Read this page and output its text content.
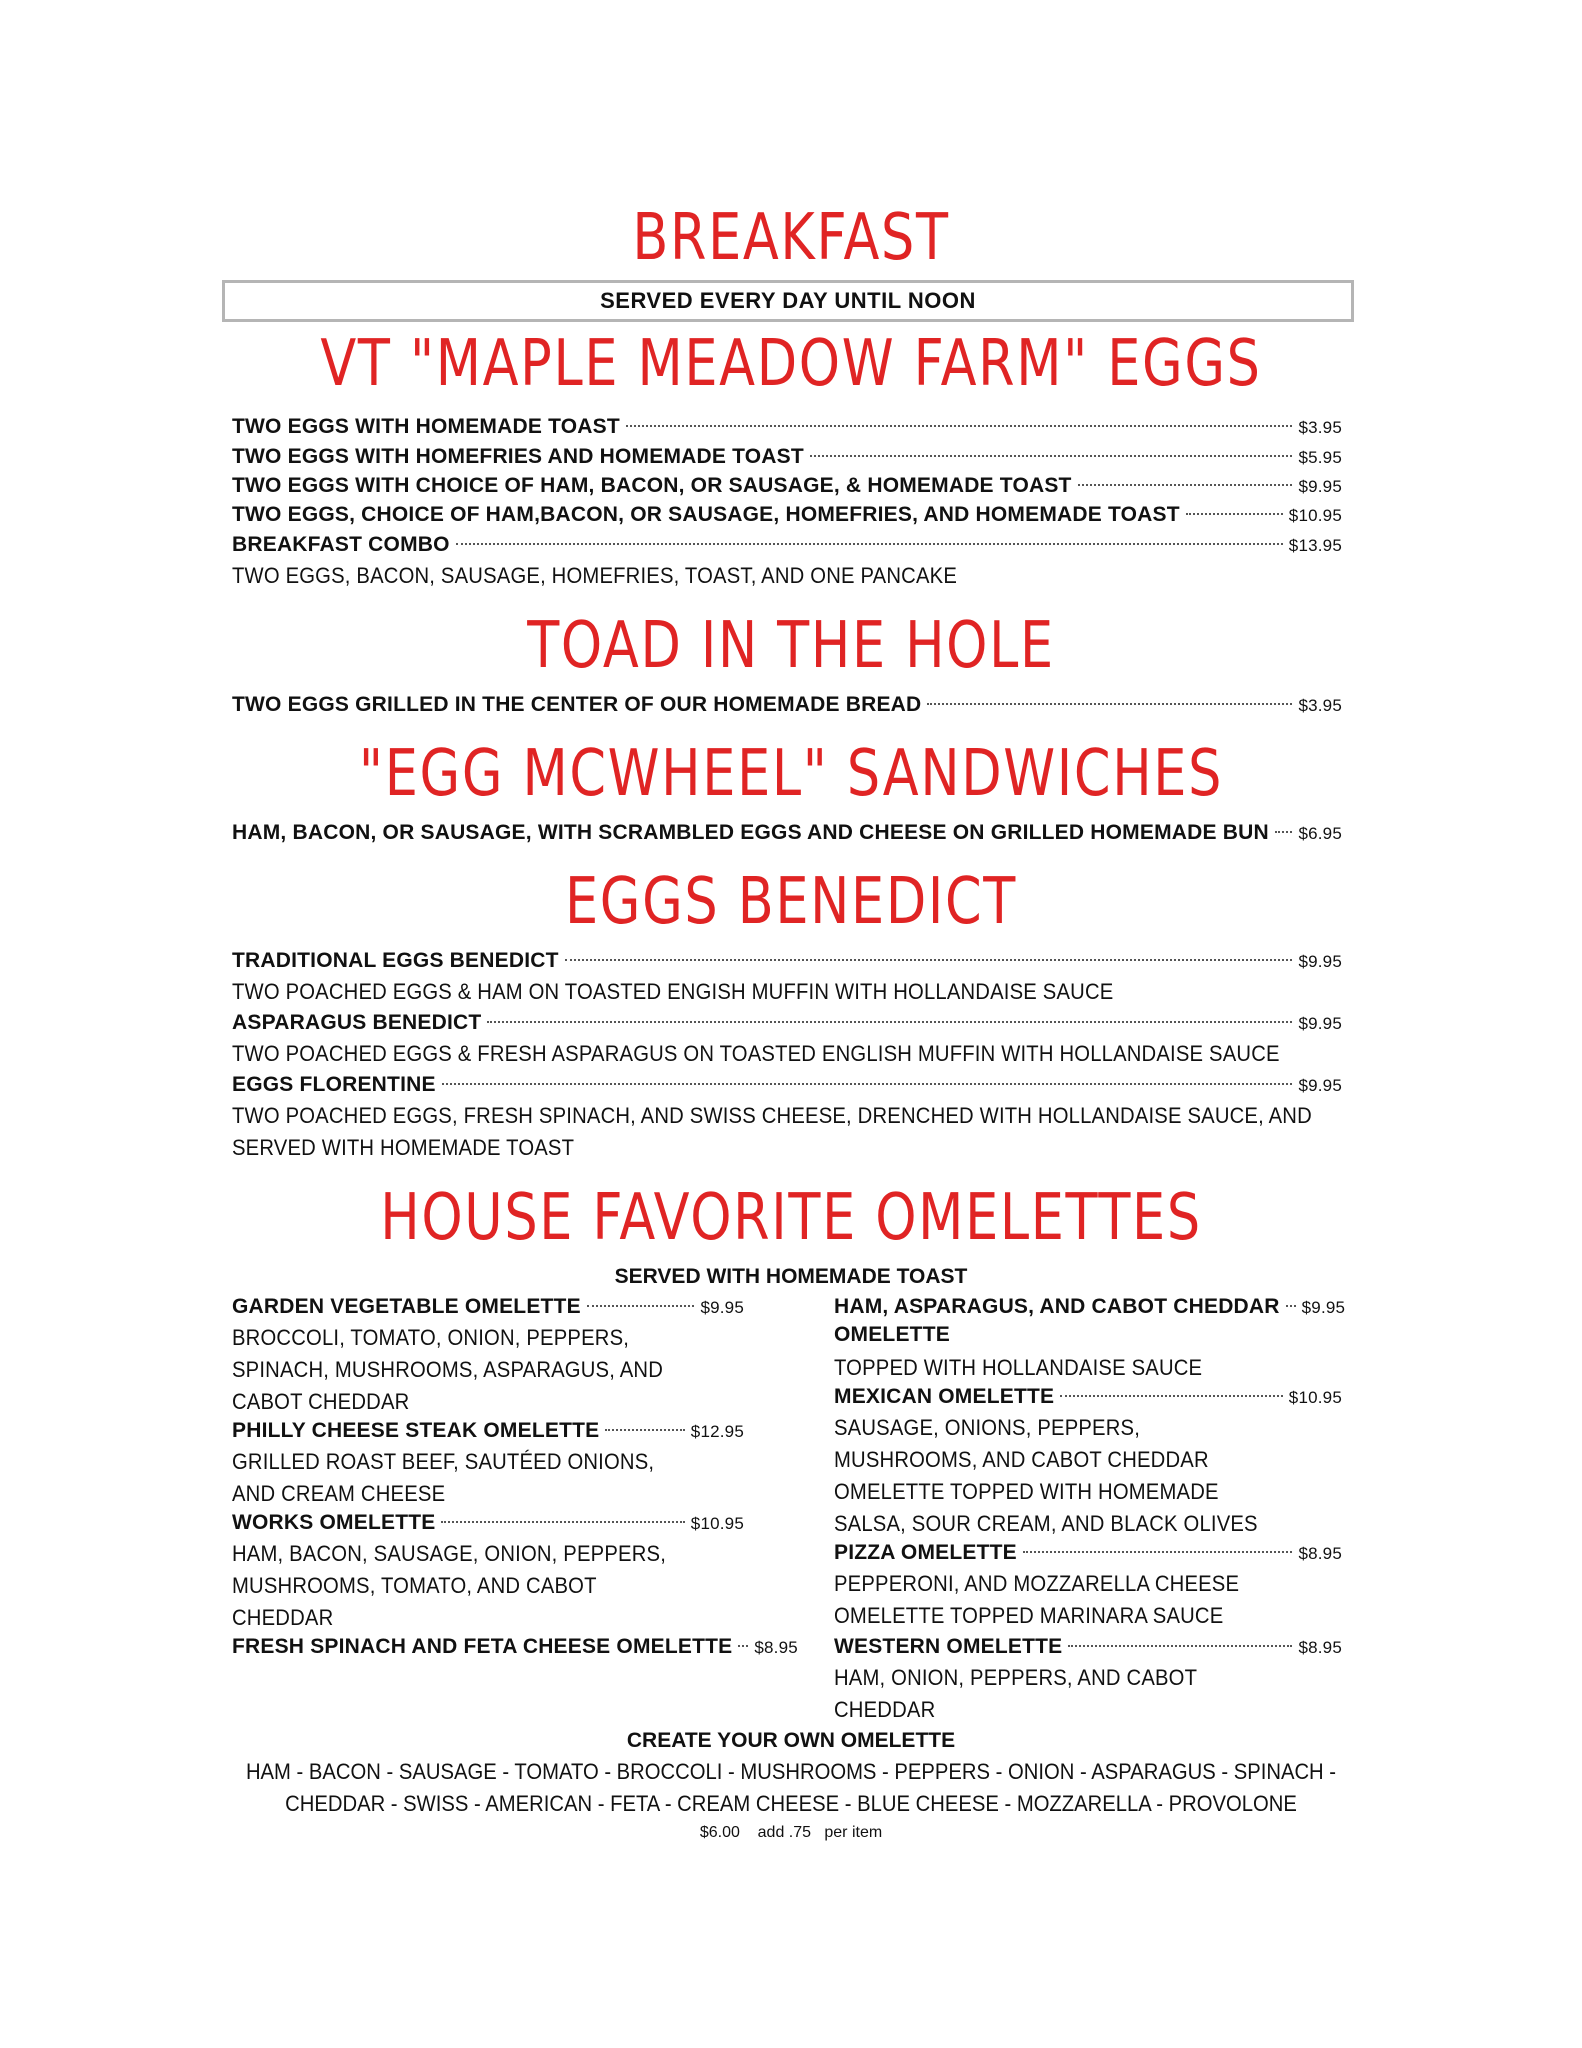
BREAKFAST
SERVED EVERY DAY UNTIL NOON
VT "MAPLE MEADOW FARM" EGGS
TWO EGGS WITH HOMEMADE TOAST	$3.95
TWO EGGS WITH HOMEFRIES AND HOMEMADE TOAST	$5.95
TWO EGGS WITH CHOICE OF HAM, BACON, OR SAUSAGE, & HOMEMADE TOAST	$9.95
TWO EGGS, CHOICE OF HAM,BACON, OR SAUSAGE, HOMEFRIES, AND HOMEMADE TOAST	$10.95
BREAKFAST COMBO	$13.95
TWO EGGS, BACON, SAUSAGE, HOMEFRIES, TOAST, AND ONE PANCAKE
TOAD IN THE HOLE
TWO EGGS GRILLED IN THE CENTER OF OUR HOMEMADE BREAD	$3.95
"EGG MCWHEEL" SANDWICHES
HAM, BACON, OR SAUSAGE, WITH SCRAMBLED EGGS AND CHEESE ON GRILLED HOMEMADE BUN $6.95
EGGS BENEDICT
TRADITIONAL EGGS BENEDICT	$9.95
TWO POACHED EGGS & HAM ON TOASTED ENGISH MUFFIN WITH HOLLANDAISE SAUCE
ASPARAGUS BENEDICT	$9.95
TWO POACHED EGGS & FRESH ASPARAGUS ON TOASTED ENGLISH MUFFIN WITH HOLLANDAISE SAUCE
EGGS FLORENTINE	$9.95
TWO POACHED EGGS, FRESH SPINACH, AND SWISS CHEESE, DRENCHED WITH HOLLANDAISE SAUCE, AND
SERVED WITH HOMEMADE TOAST
HOUSE FAVORITE OMELETTES
SERVED WITH HOMEMADE TOAST
GARDEN VEGETABLE OMELETTE	$9.95
BROCCOLI, TOMATO, ONION, PEPPERS,
SPINACH, MUSHROOMS, ASPARAGUS, AND
CABOT CHEDDAR
PHILLY CHEESE STEAK OMELETTE	$12.95
GRILLED ROAST BEEF, SAUTÉED ONIONS,
AND CREAM CHEESE
WORKS OMELETTE	$10.95
HAM, BACON, SAUSAGE, ONION, PEPPERS,
MUSHROOMS, TOMATO, AND CABOT
CHEDDAR
FRESH SPINACH AND FETA CHEESE OMELETTE $8.95
HAM, ASPARAGUS, AND CABOT CHEDDAR $9.95
OMELETTE
TOPPED WITH HOLLANDAISE SAUCE
MEXICAN OMELETTE	$10.95
SAUSAGE, ONIONS, PEPPERS,
MUSHROOMS, AND CABOT CHEDDAR
OMELETTE TOPPED WITH HOMEMADE
SALSA, SOUR CREAM, AND BLACK OLIVES
PIZZA OMELETTE	$8.95
PEPPERONI, AND MOZZARELLA CHEESE
OMELETTE TOPPED MARINARA SAUCE
WESTERN OMELETTE	$8.95
HAM, ONION, PEPPERS, AND CABOT
CHEDDAR
CREATE YOUR OWN OMELETTE
HAM - BACON - SAUSAGE - TOMATO - BROCCOLI - MUSHROOMS - PEPPERS - ONION - ASPARAGUS - SPINACH -
CHEDDAR - SWISS - AMERICAN - FETA - CREAM CHEESE - BLUE CHEESE - MOZZARELLA - PROVOLONE
$6.00    add .75   per item
